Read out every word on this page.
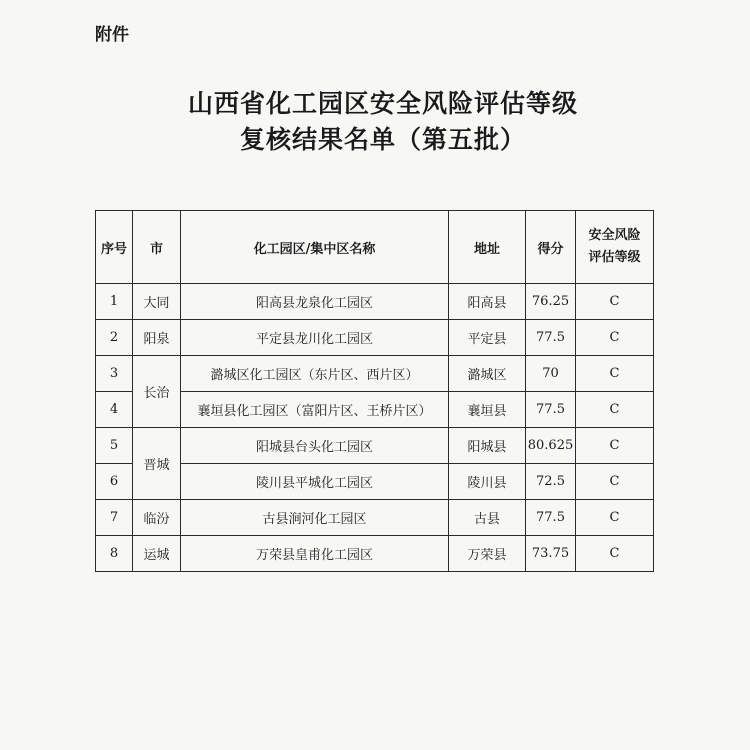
附件
山西省化工园区安全风险评估等级
复核结果名单（第五批）
序号	市	化工园区/集中区名称	地址	得分	安全风险
评估等级

1	大同	阳高县龙泉化工园区	阳高县	76.25	C
2	阳泉	平定县龙川化工园区	平定县	77.5	C
3	长治	潞城区化工园区（东片区、西片区）	潞城区	70	C
4		襄垣县化工园区（富阳片区、王桥片区）	襄垣县	77.5	C
5	晋城	阳城县台头化工园区	阳城县	80.625	C
6		陵川县平城化工园区	陵川县	72.5	C
7	临汾	古县涧河化工园区	古县	77.5	C
8	运城	万荣县皇甫化工园区	万荣县	73.75	C
